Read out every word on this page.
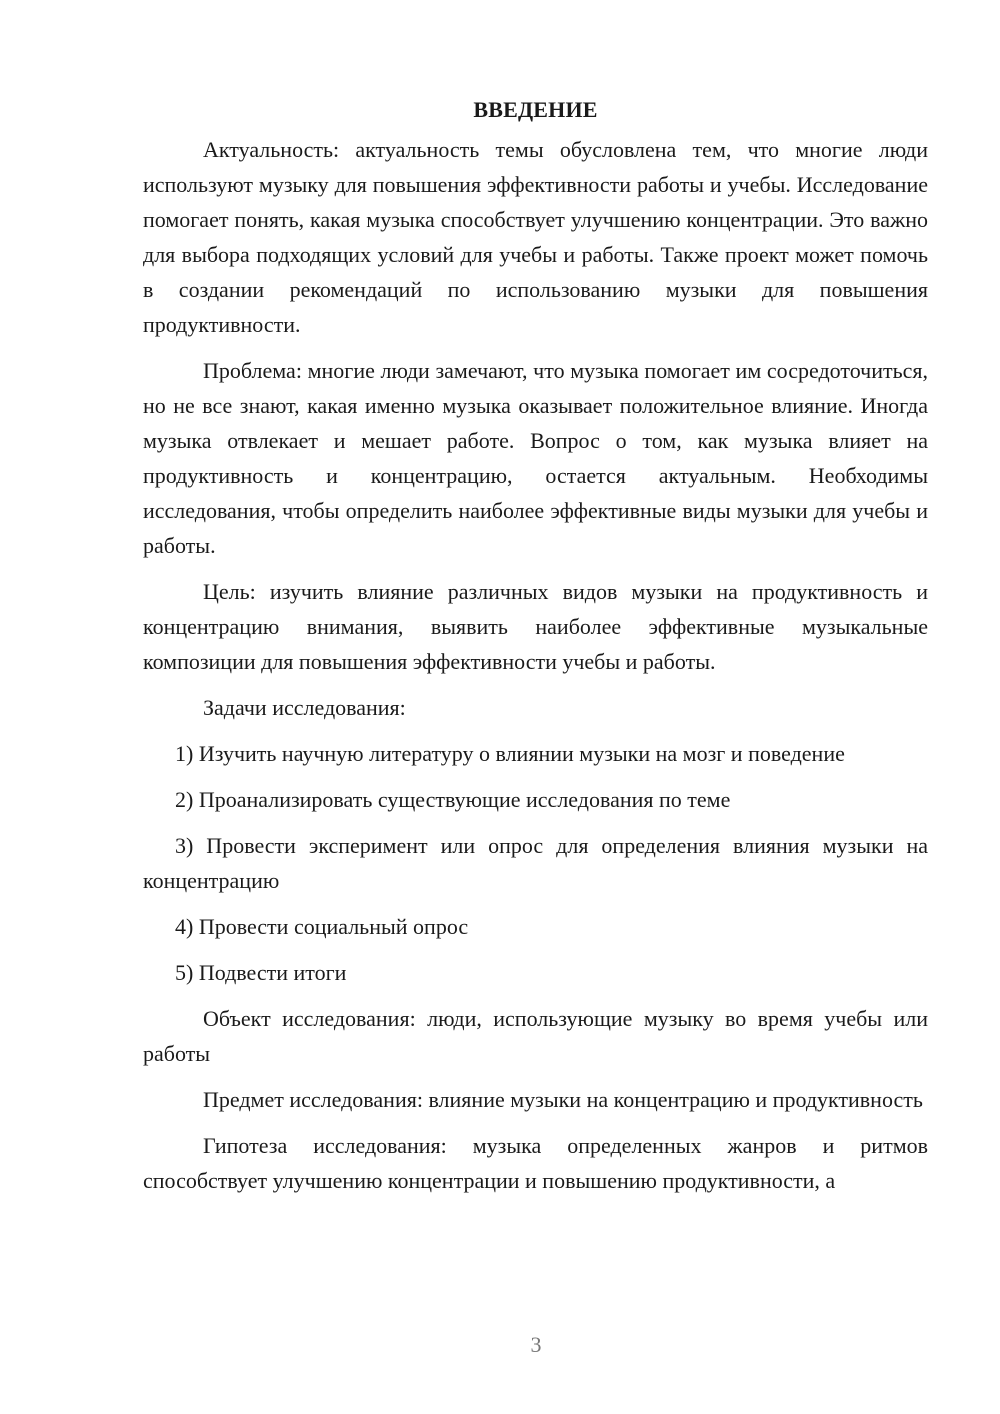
ВВЕДЕНИЕ

Актуальность: актуальность темы обусловлена тем, что многие люди используют музыку для повышения эффективности работы и учебы. Исследование помогает понять, какая музыка способствует улучшению концентрации. Это важно для выбора подходящих условий для учебы и работы. Также проект может помочь в создании рекомендаций по использованию музыки для повышения продуктивности.

Проблема: многие люди замечают, что музыка помогает им сосредоточиться, но не все знают, какая именно музыка оказывает положительное влияние. Иногда музыка отвлекает и мешает работе. Вопрос о том, как музыка влияет на продуктивность и концентрацию, остается актуальным. Необходимы исследования, чтобы определить наиболее эффективные виды музыки для учебы и работы.

Цель: изучить влияние различных видов музыки на продуктивность и концентрацию внимания, выявить наиболее эффективные музыкальные композиции для повышения эффективности учебы и работы.

Задачи исследования:

1) Изучить научную литературу о влиянии музыки на мозг и поведение

2) Проанализировать существующие исследования по теме

3) Провести эксперимент или опрос для определения влияния музыки на концентрацию

4) Провести социальный опрос

5) Подвести итоги

Объект исследования: люди, использующие музыку во время учебы или работы

Предмет исследования: влияние музыки на концентрацию и продуктивность

Гипотеза исследования: музыка определенных жанров и ритмов способствует улучшению концентрации и повышению продуктивности, а

3
